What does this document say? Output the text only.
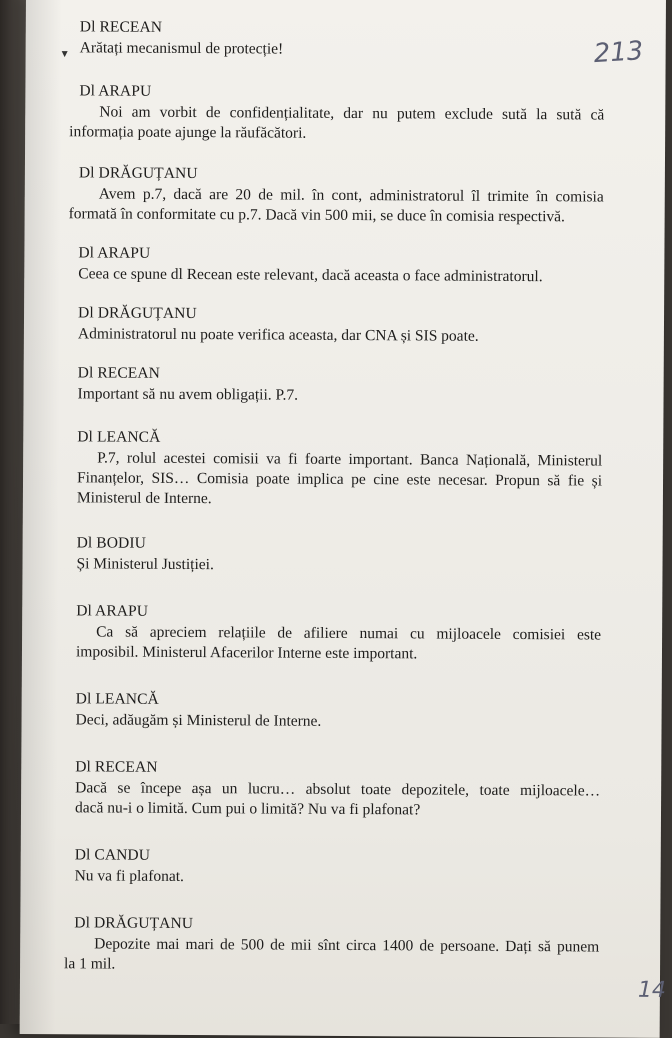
▾	213
Dl RECEAN

Arătați mecanismul de protecție!

Dl ARAPU

Noi am vorbit de confidențialitate, dar nu putem exclude sută la sută că

informația poate ajunge la răufăcători.

Dl DRĂGUȚANU

Avem p.7, dacă are 20 de mil. în cont, administratorul îl trimite în comisia

formată în conformitate cu p.7. Dacă vin 500 mii, se duce în comisia respectivă.

Dl ARAPU

Ceea ce spune dl Recean este relevant, dacă aceasta o face administratorul.

Dl DRĂGUȚANU

Administratorul nu poate verifica aceasta, dar CNA și SIS poate.

Dl RECEAN

Important să nu avem obligații. P.7.

Dl LEANCĂ

P.7, rolul acestei comisii va fi foarte important. Banca Națională, Ministerul

Finanțelor, SIS… Comisia poate implica pe cine este necesar. Propun să fie și

Ministerul de Interne.

Dl BODIU

Și Ministerul Justiției.

Dl ARAPU

Ca să apreciem relațiile de afiliere numai cu mijloacele comisiei este

imposibil. Ministerul Afacerilor Interne este important.

Dl LEANCĂ

Deci, adăugăm și Ministerul de Interne.

Dl RECEAN

Dacă se începe așa un lucru… absolut toate depozitele, toate mijloacele…

dacă nu-i o limită. Cum pui o limită? Nu va fi plafonat?

Dl CANDU

Nu va fi plafonat.

Dl DRĂGUȚANU

Depozite mai mari de 500 de mii sînt circa 1400 de persoane. Dați să punem

la 1 mil.

14
